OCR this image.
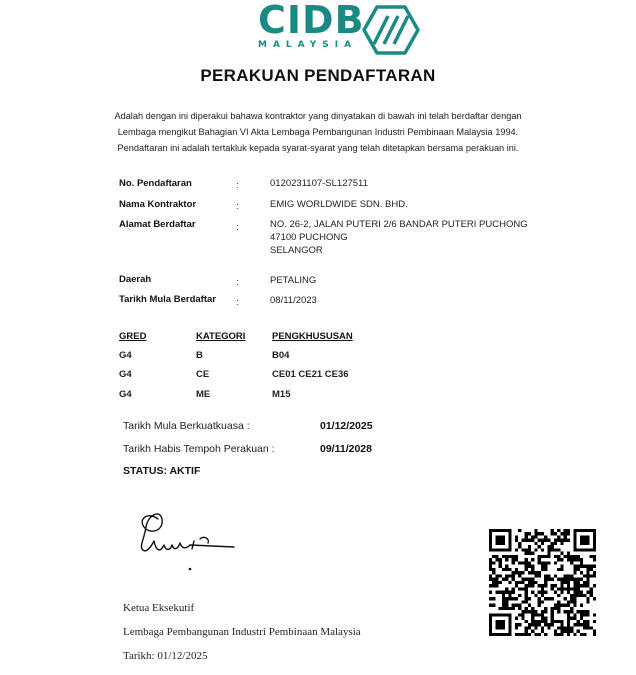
CIDB
MALAYSIA
PERAKUAN PENDAFTARAN
Adalah dengan ini diperakui bahawa kontraktor yang dinyatakan di bawah ini telah berdaftar dengan
Lembaga mengikut Bahagian VI Akta Lembaga Pembangunan Industri Pembinaan Malaysia 1994.
Pendaftaran ini adalah tertakluk kepada syarat-syarat yang telah ditetapkan bersama perakuan ini.
No. Pendaftaran	:	0120231107-SL127511
Nama Kontraktor	:	EMIG WORLDWIDE SDN. BHD.
Alamat Berdaftar	:	NO. 26-2, JALAN PUTERI 2/6 BANDAR PUTERI PUCHONG
47100 PUCHONG
SELANGOR
Daerah	:	PETALING
Tarikh Mula Berdaftar :	08/11/2023
GRED	KATEGORI	PENGKHUSUSAN
G4	B	B04
G4	CE	CE01 CE21 CE36
G4	ME	M15
Tarikh Mula Berkuatkuasa :	01/12/2025
Tarikh Habis Tempoh Perakuan :	09/11/2028
STATUS: AKTIF
Ketua Eksekutif
Lembaga Pembangunan Industri Pembinaan Malaysia
Tarikh: 01/12/2025
